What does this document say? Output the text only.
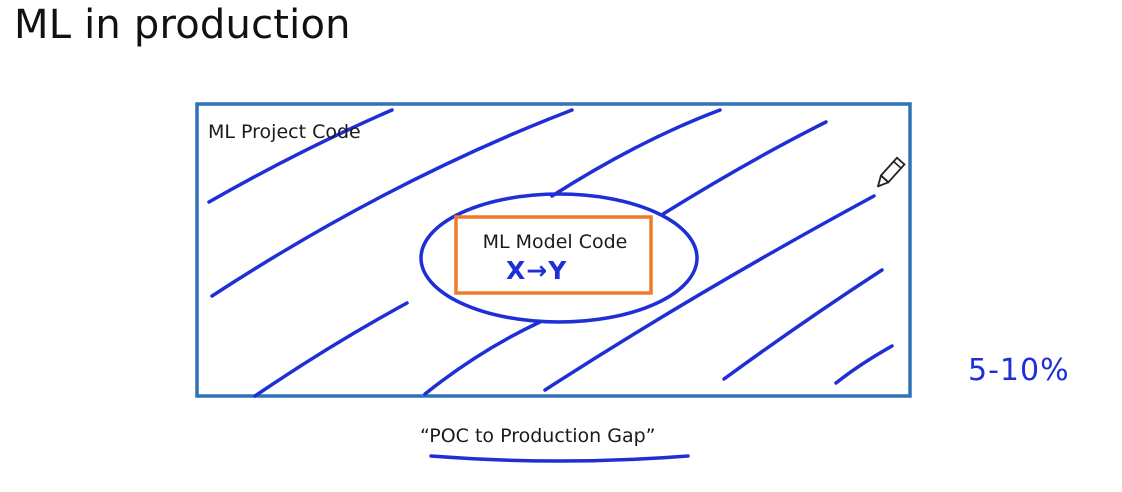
ML in production
ML Project Code
ML Model Code
X→Y
5-10%
“POC to Production Gap”
